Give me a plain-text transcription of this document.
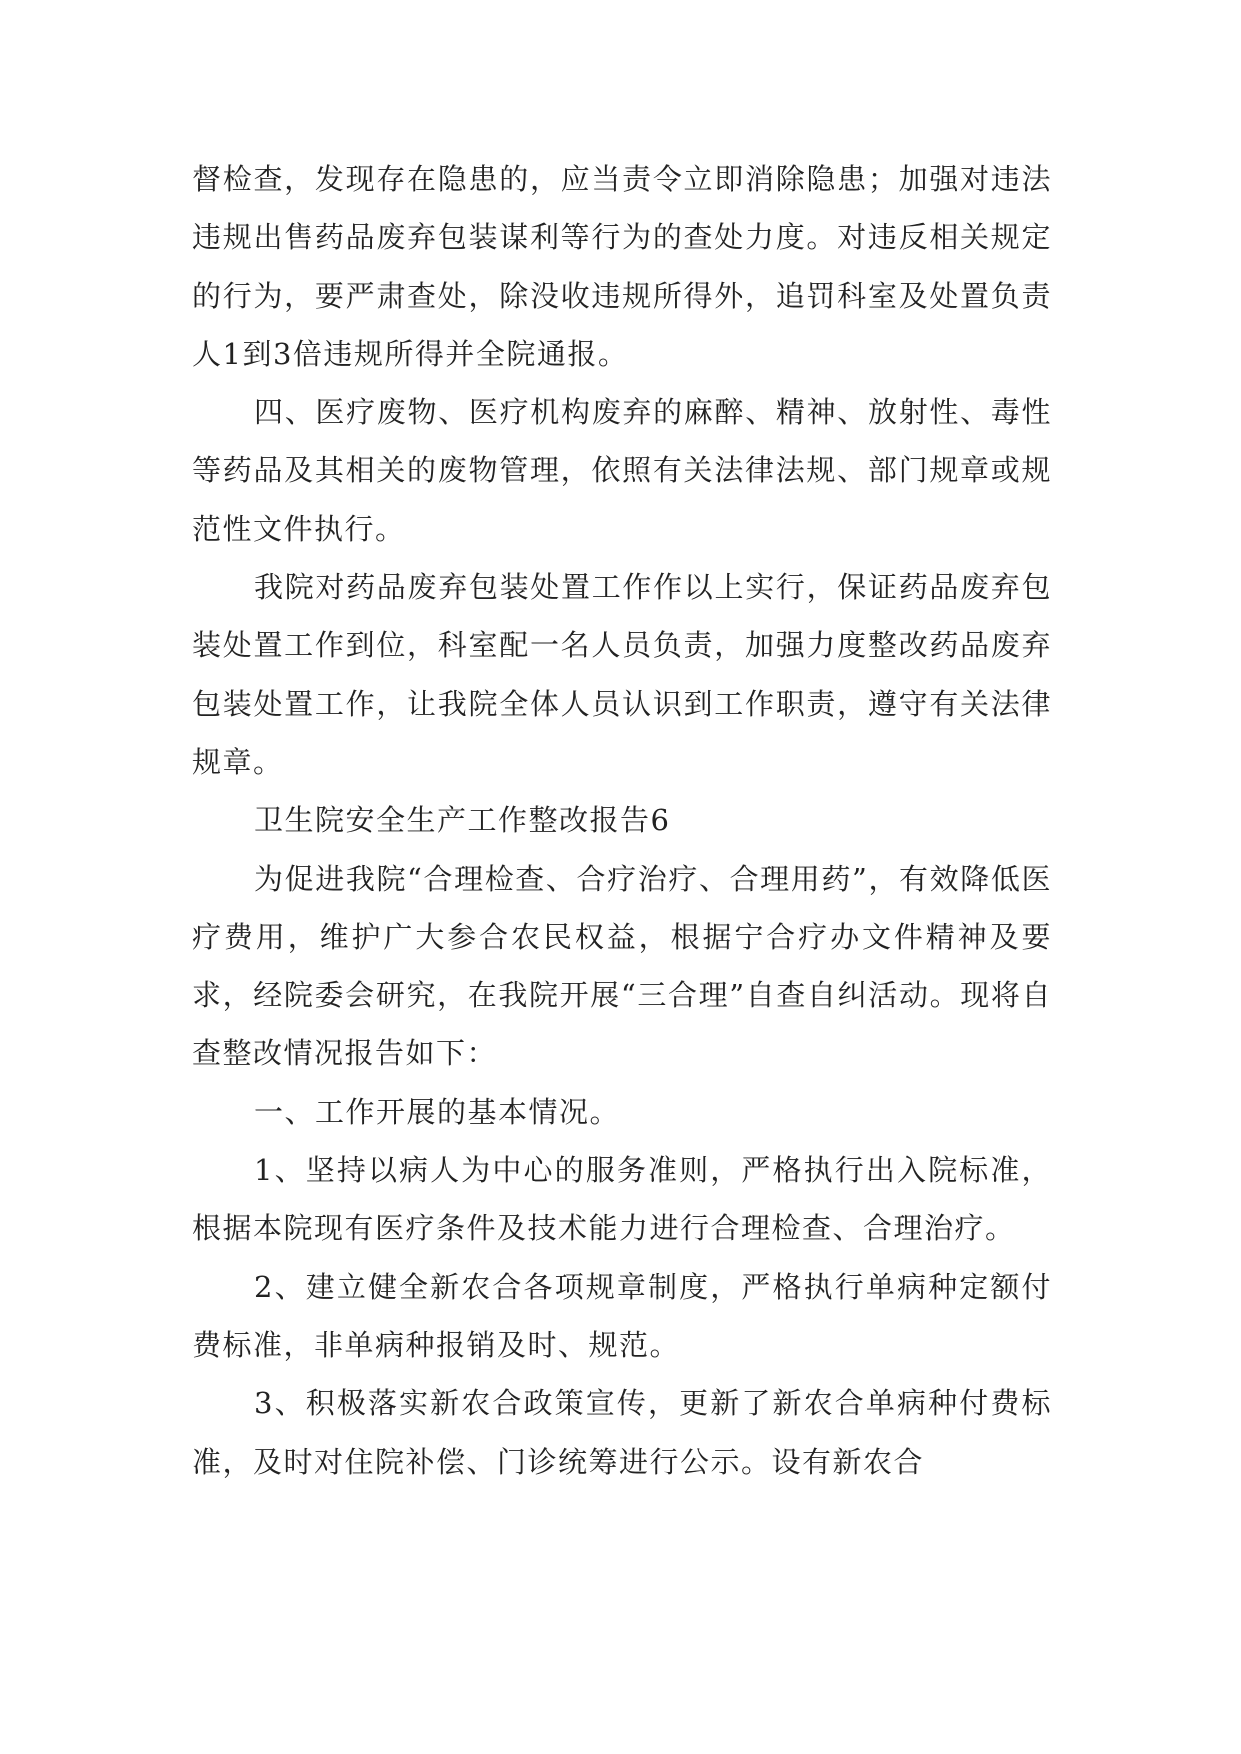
督检查，发现存在隐患的，应当责令立即消除隐患；加强对违法违规出售药品废弃包装谋利等行为的查处力度。对违反相关规定的行为，要严肃查处，除没收违规所得外，追罚科室及处置负责人1到3倍违规所得并全院通报。

四、医疗废物、医疗机构废弃的麻醉、精神、放射性、毒性等药品及其相关的废物管理，依照有关法律法规、部门规章或规范性文件执行。

我院对药品废弃包装处置工作作以上实行，保证药品废弃包装处置工作到位，科室配一名人员负责，加强力度整改药品废弃包装处置工作，让我院全体人员认识到工作职责，遵守有关法律规章。

卫生院安全生产工作整改报告6

为促进我院“合理检查、合疗治疗、合理用药”，有效降低医疗费用，维护广大参合农民权益，根据宁合疗办文件精神及要求，经院委会研究，在我院开展“三合理”自查自纠活动。现将自查整改情况报告如下：

一、工作开展的基本情况。

1、坚持以病人为中心的服务准则，严格执行出入院标准，根据本院现有医疗条件及技术能力进行合理检查、合理治疗。

2、建立健全新农合各项规章制度，严格执行单病种定额付费标准，非单病种报销及时、规范。

3、积极落实新农合政策宣传，更新了新农合单病种付费标准，及时对住院补偿、门诊统筹进行公示。设有新农合
